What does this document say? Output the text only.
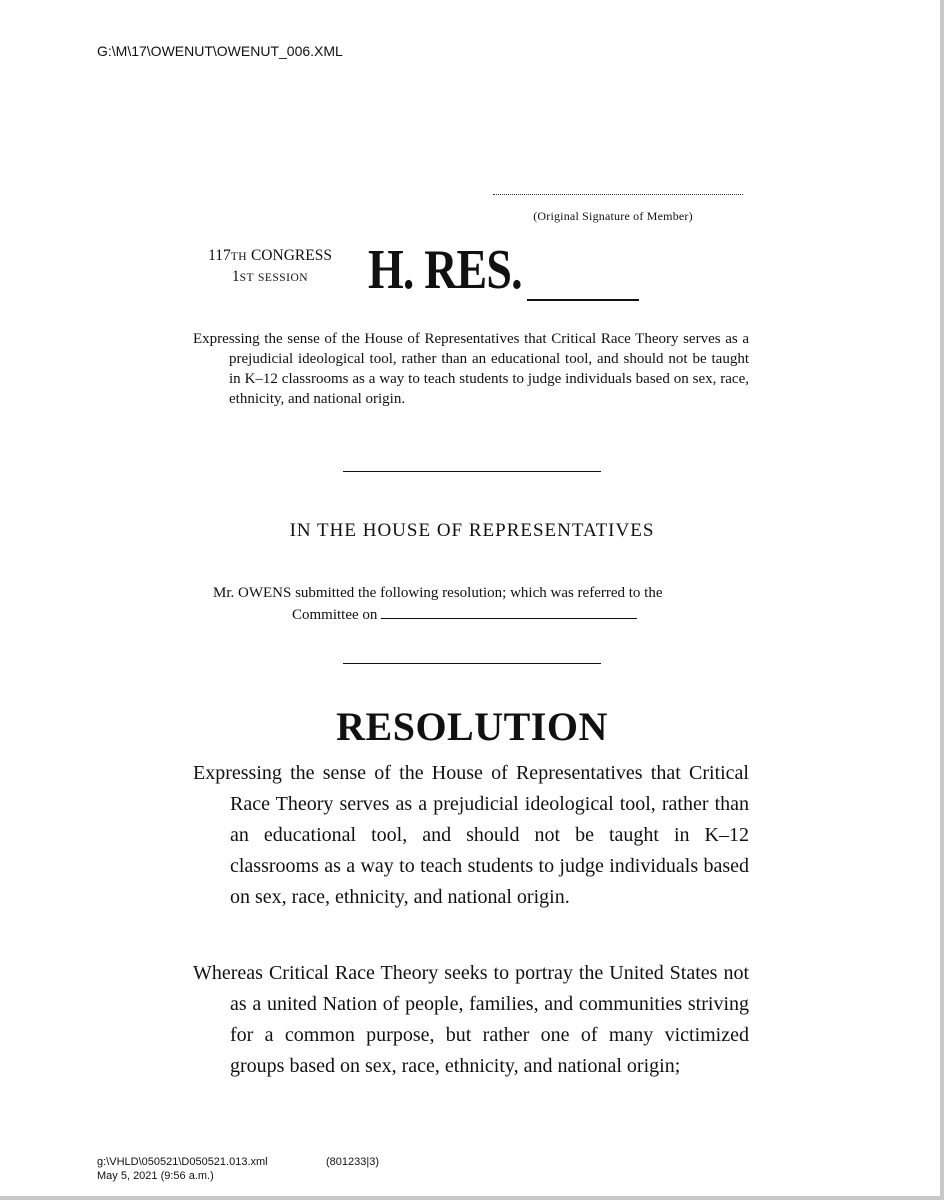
G:\M\17\OWENUT\OWENUT_006.XML
(Original Signature of Member)
117TH CONGRESS
1ST SESSION	H. RES.
Expressing the sense of the House of Representatives that Critical Race Theory serves as a prejudicial ideological tool, rather than an educational tool, and should not be taught in K–12 classrooms as a way to teach students to judge individuals based on sex, race, ethnicity, and national origin.
IN THE HOUSE OF REPRESENTATIVES
Mr. OWENS submitted the following resolution; which was referred to the
Committee on
RESOLUTION
Expressing the sense of the House of Representatives that Critical Race Theory serves as a prejudicial ideological tool, rather than an educational tool, and should not be taught in K–12 classrooms as a way to teach students to judge individuals based on sex, race, ethnicity, and national origin.
Whereas Critical Race Theory seeks to portray the United States not as a united Nation of people, families, and communities striving for a common purpose, but rather one of many victimized groups based on sex, race, ethnicity, and national origin;
g:\VHLD\050521\D050521.013.xml	(801233|3)
May 5, 2021 (9:56 a.m.)
